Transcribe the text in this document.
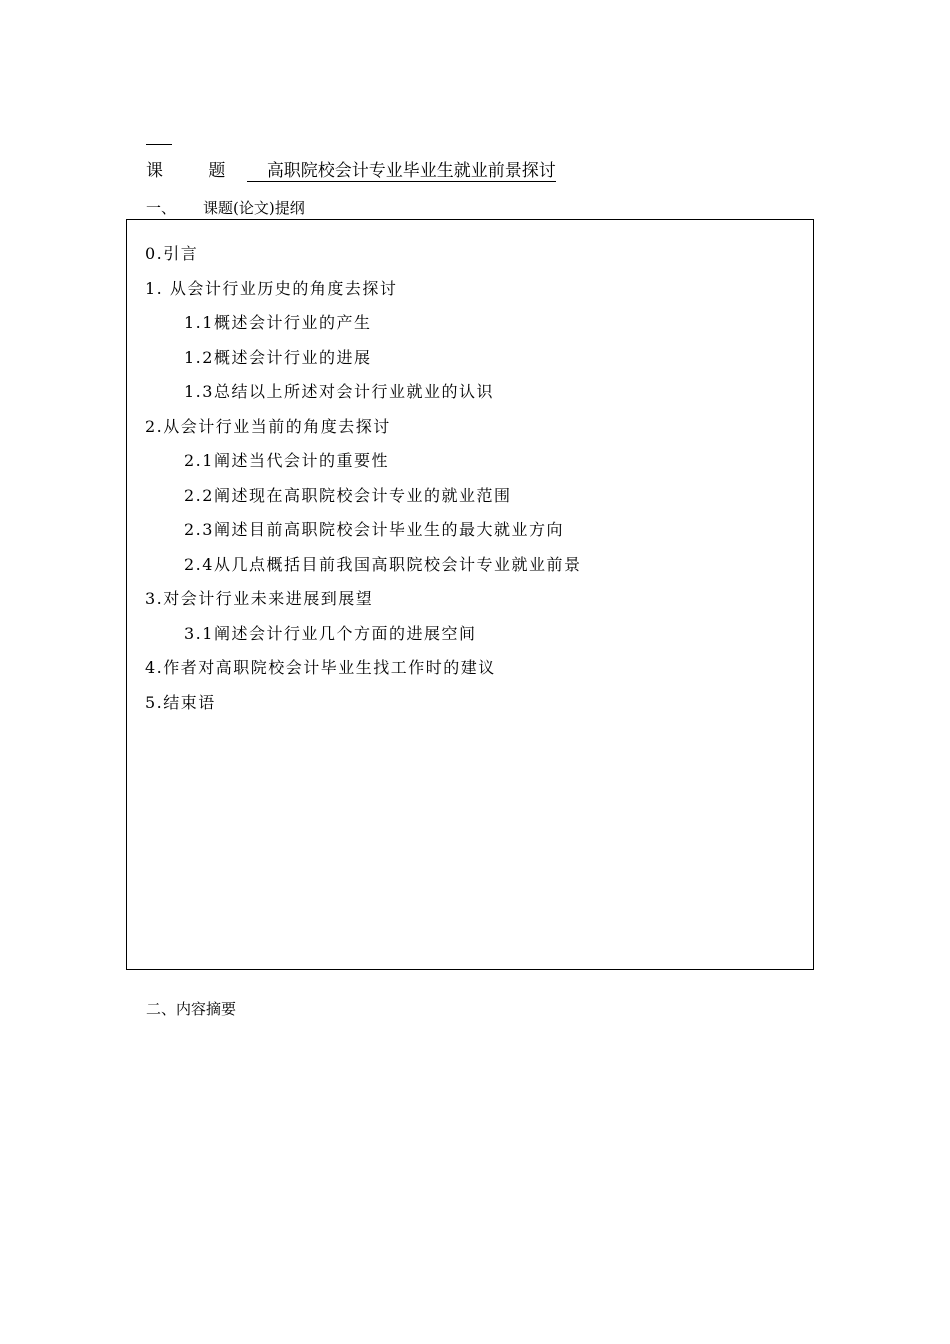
课 题 高职院校会计专业毕业生就业前景探讨
一、 课题(论文)提纲
0.引言
1. 从会计行业历史的角度去探讨
1.1概述会计行业的产生
1.2概述会计行业的进展
1.3总结以上所述对会计行业就业的认识
2.从会计行业当前的角度去探讨
2.1阐述当代会计的重要性
2.2阐述现在高职院校会计专业的就业范围
2.3阐述目前高职院校会计毕业生的最大就业方向
2.4从几点概括目前我国高职院校会计专业就业前景
3.对会计行业未来进展到展望
3.1阐述会计行业几个方面的进展空间
4.作者对高职院校会计毕业生找工作时的建议
5.结束语
二、内容摘要
